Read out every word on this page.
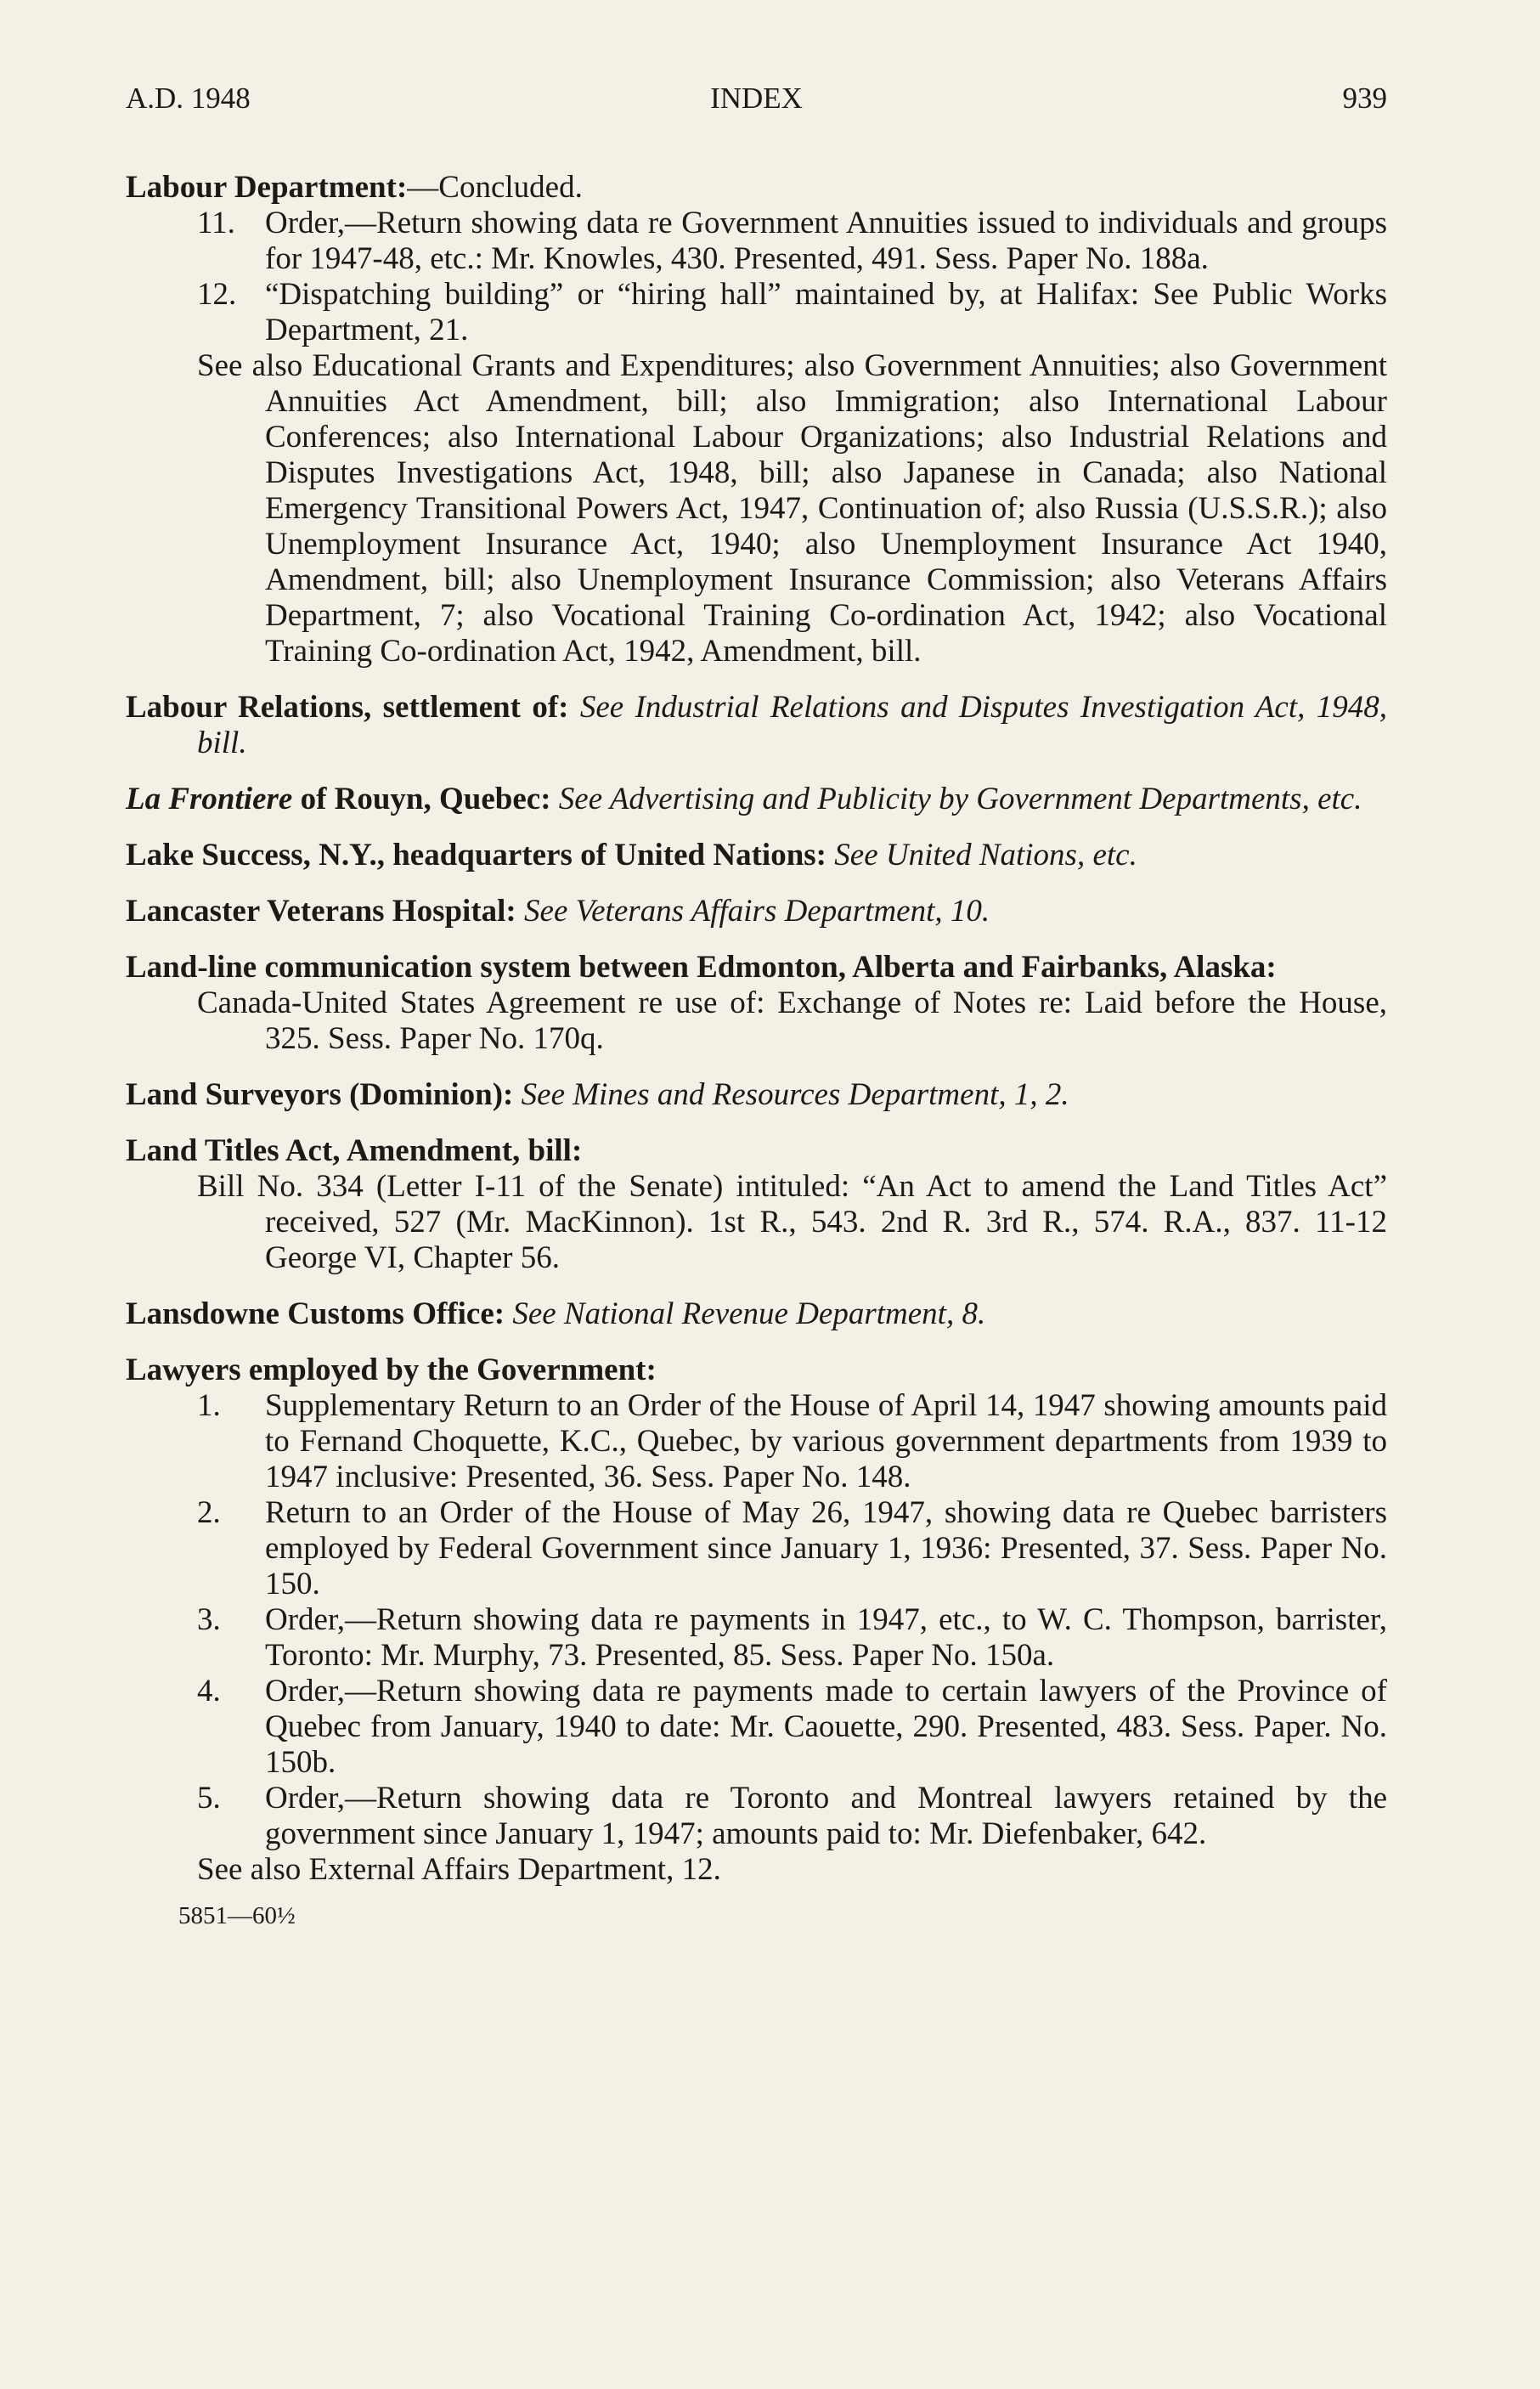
A.D. 1948	INDEX	939
Labour Department:—Concluded.
11. Order,—Return showing data re Government Annuities issued to individuals and groups for 1947-48, etc.: Mr. Knowles, 430. Presented, 491. Sess. Paper No. 188a.
12. “Dispatching building” or “hiring hall” maintained by, at Halifax: See Public Works Department, 21.

See also Educational Grants and Expenditures; also Government Annuities; also Government Annuities Act Amendment, bill; also Immigration; also International Labour Conferences; also International Labour Organizations; also Industrial Relations and Disputes Investigations Act, 1948, bill; also Japanese in Canada; also National Emergency Transitional Powers Act, 1947, Continuation of; also Russia (U.S.S.R.); also Unemployment Insurance Act, 1940; also Unemployment Insurance Act 1940, Amendment, bill; also Unemployment Insurance Commission; also Veterans Affairs Department, 7; also Vocational Training Co-ordination Act, 1942; also Vocational Training Co-ordination Act, 1942, Amendment, bill.

Labour Relations, settlement of: See Industrial Relations and Disputes Investigation Act, 1948, bill.
La Frontiere of Rouyn, Quebec: See Advertising and Publicity by Government Departments, etc.
Lake Success, N.Y., headquarters of United Nations: See United Nations, etc.
Lancaster Veterans Hospital: See Veterans Affairs Department, 10.
Land-line communication system between Edmonton, Alberta and Fairbanks, Alaska:

Canada-United States Agreement re use of: Exchange of Notes re: Laid before the House, 325. Sess. Paper No. 170q.

Land Surveyors (Dominion): See Mines and Resources Department, 1, 2.
Land Titles Act, Amendment, bill:

Bill No. 334 (Letter I-11 of the Senate) intituled: “An Act to amend the Land Titles Act” received, 527 (Mr. MacKinnon). 1st R., 543. 2nd R. 3rd R., 574. R.A., 837. 11-12 George VI, Chapter 56.

Lansdowne Customs Office: See National Revenue Department, 8.
Lawyers employed by the Government:
1. Supplementary Return to an Order of the House of April 14, 1947 showing amounts paid to Fernand Choquette, K.C., Quebec, by various government departments from 1939 to 1947 inclusive: Presented, 36. Sess. Paper No. 148.
2. Return to an Order of the House of May 26, 1947, showing data re Quebec barristers employed by Federal Government since January 1, 1936: Presented, 37. Sess. Paper No. 150.
3. Order,—Return showing data re payments in 1947, etc., to W. C. Thompson, barrister, Toronto: Mr. Murphy, 73. Presented, 85. Sess. Paper No. 150a.
4. Order,—Return showing data re payments made to certain lawyers of the Province of Quebec from January, 1940 to date: Mr. Caouette, 290. Presented, 483. Sess. Paper. No. 150b.
5. Order,—Return showing data re Toronto and Montreal lawyers retained by the government since January 1, 1947; amounts paid to: Mr. Diefenbaker, 642.

See also External Affairs Department, 12.

5851—60½
